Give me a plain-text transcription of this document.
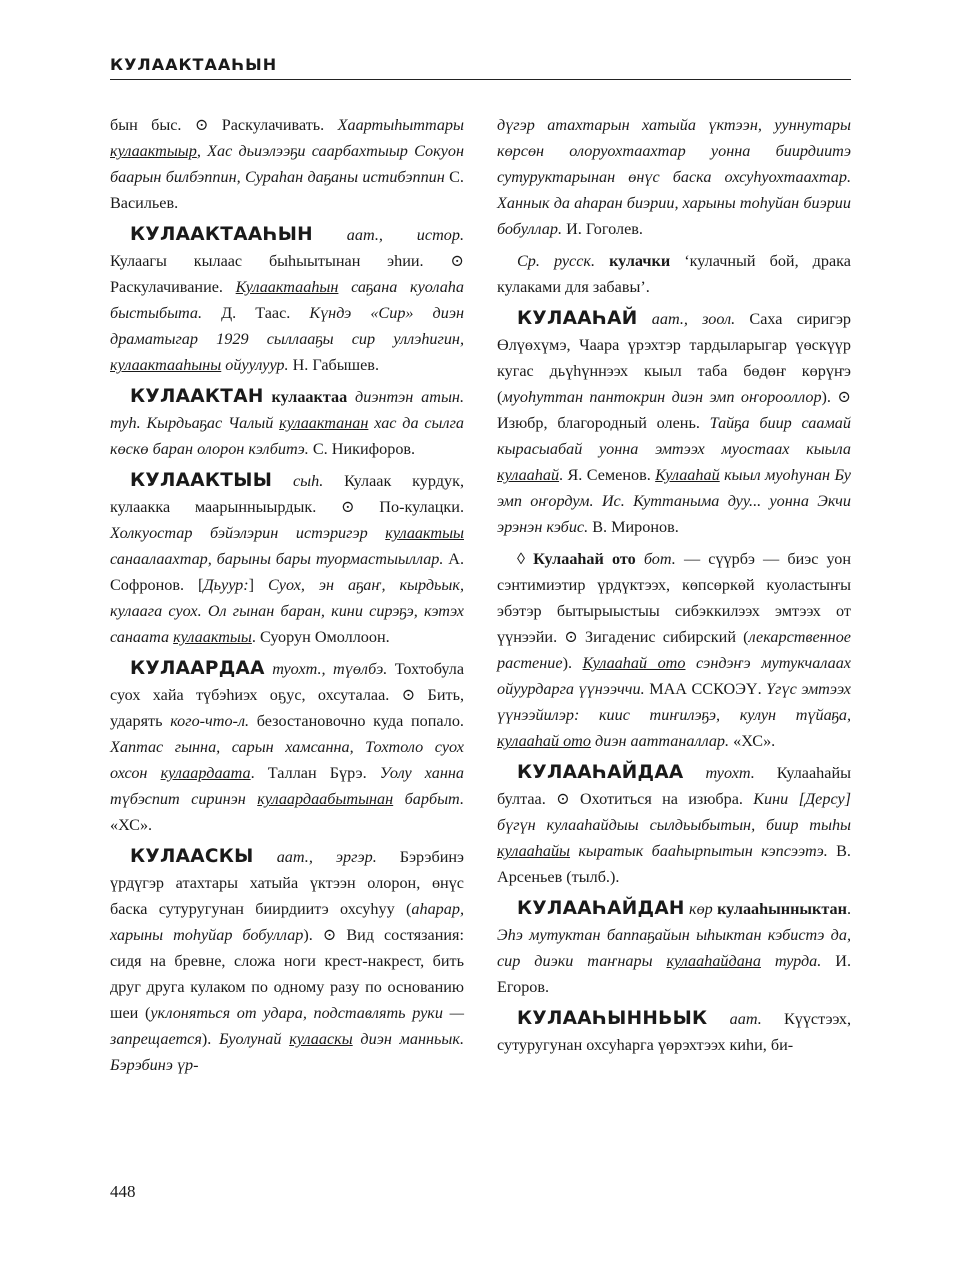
КУЛААКТААҺЫН

бын быс. ⊙ Раскулачивать. Хаартыһыттары кулаактыыр, Хас дьиэлээҕи саарбахтыыр Сокуон баарын билбэппин, Сураһан даҕаны истибэппин С. Васильев.

КУЛААКТААҺЫН аат., истор. Кулаагы кылаас быһыытынан эһии. ⊙ Раскулачивание. Кулаактааһын саҕана куолаһа быстыбыта. Д. Таас. Күндэ «Сир» диэн драматыгар 1929 сыллааҕы сир уллэһигин, кулаактааһыны ойуулуур. Н. Габышев.

КУЛААКТАН кулаактаа диэнтэн атын. туһ. Кырдьаҕас Чалый кулаактанан хас да сылга көскө баран олорон кэлбитэ. С. Никифоров.

КУЛААКТЫЫ сыһ. Кулаак курдук, кулаакка маарынныырдык. ⊙ По-кулацки. Холкуостар бэйэлэрин истэригэр кулаактыы санаалаахтар, барыны бары туормастыыллар. А. Софронов. [Дьуур:] Суох, эн аҕаҥ, кырдьык, кулаага суох. Ол гынан баран, кини сирэҕэ, кэтэх санаата кулаактыы. Суорун Омоллоон.

КУЛААРДАА туохт., түөлбэ. Тохтобула суох хайа түбэһиэх оҕус, охсуталаа. ⊙ Бить, ударять кого-что-л. безостановочно куда попало. Хаптас гынна, сарын хамсанна, Тохтоло суох охсон кулаардаата. Таллан Бүрэ. Уолу ханна түбэспит сиринэн кулаардаабытынан барбыт. «ХС».

КУЛААСКЫ аат., эргэр. Бэрэбинэ үрдүгэр атахтары хатыйа үктээн олорон, өнүс баска сутуругунан биирдиитэ охсуһуу (аһарар, харыны тоһуйар бобуллар). ⊙ Вид состязания: сидя на бревне, сложа ноги крест-накрест, бить друг друга кулаком по одному разу по основанию шеи (уклоняться от удара, подставлять руки — запрещается). Буолунай кулааскы диэн манньык. Бэрэбинэ үр-

дүгэр атахтарын хатыйа үктээн, ууннутары көрсөн олоруохтаахтар уонна биирдиитэ сутуруктарынан өнүс баска охсуһуохтаахтар. Ханнык да аһаран биэрии, харыны тоһуйан биэрии бобуллар. И. Гоголев.

Ср. русск. кулачки ‘кулачный бой, драка кулаками для забавы’.

КУЛААҺАЙ аат., зоол. Саха сиригэр Өлүөхүмэ, Чаара үрэхтэр тардыларыгар үөскүүр кугас дьүһүннээх кыыл таба бөдөҥ көрүҥэ (муоһуттан пантокрин диэн эмп оҥорооллор). ⊙ Изюбр, благородный олень. Тайҕа биир саамай кырасыабай уонна эмтээх муостаах кыыла кулааһай. Я. Семенов. Кулааһай кыыл муоһунан Бу эмп оҥордум. Ис. Куттаныма дуу... уонна Экчи эрэнэн кэбис. В. Миронов.

◊ Кулааһай ото бот. — сүүрбэ — биэс уон сэнтимиэтир үрдүктээх, көпсөркөй куоластыҥы эбэтэр бытырыыстыы сибэккилээх эмтээх от үүнээйи. ⊙ Зигаденис сибирский (лекарственное растение). Кулааһай ото сэндэҥэ мутукчалаах ойуурдарга үүнээччи. МАА ССКОЭҮ. Үгүс эмтээх үүнээйилэр: киис тиҥилэҕэ, кулун түйаҕа, кулааһай ото диэн ааттаналлар. «ХС».

КУЛААҺАЙДАА туохт. Кулааһайы бултаа. ⊙ Охотиться на изюбра. Кини [Дерсу] бүгүн кулааһайдыы сылдьыбытын, биир тыһы кулааһайы кыратык бааһырпытын кэпсээтэ. В. Арсеньев (тылб.).

КУЛААҺАЙДАН көр кулааһынныктан. Эһэ мутуктан баппаҕайын ыһыктан кэбистэ да, сир диэки таҥнары кулааһайдана турда. И. Егоров.

КУЛААҺЫННЬЫК аат. Күүстээх, сутуругунан охсуһарга үөрэхтээх киһи, би-

448
